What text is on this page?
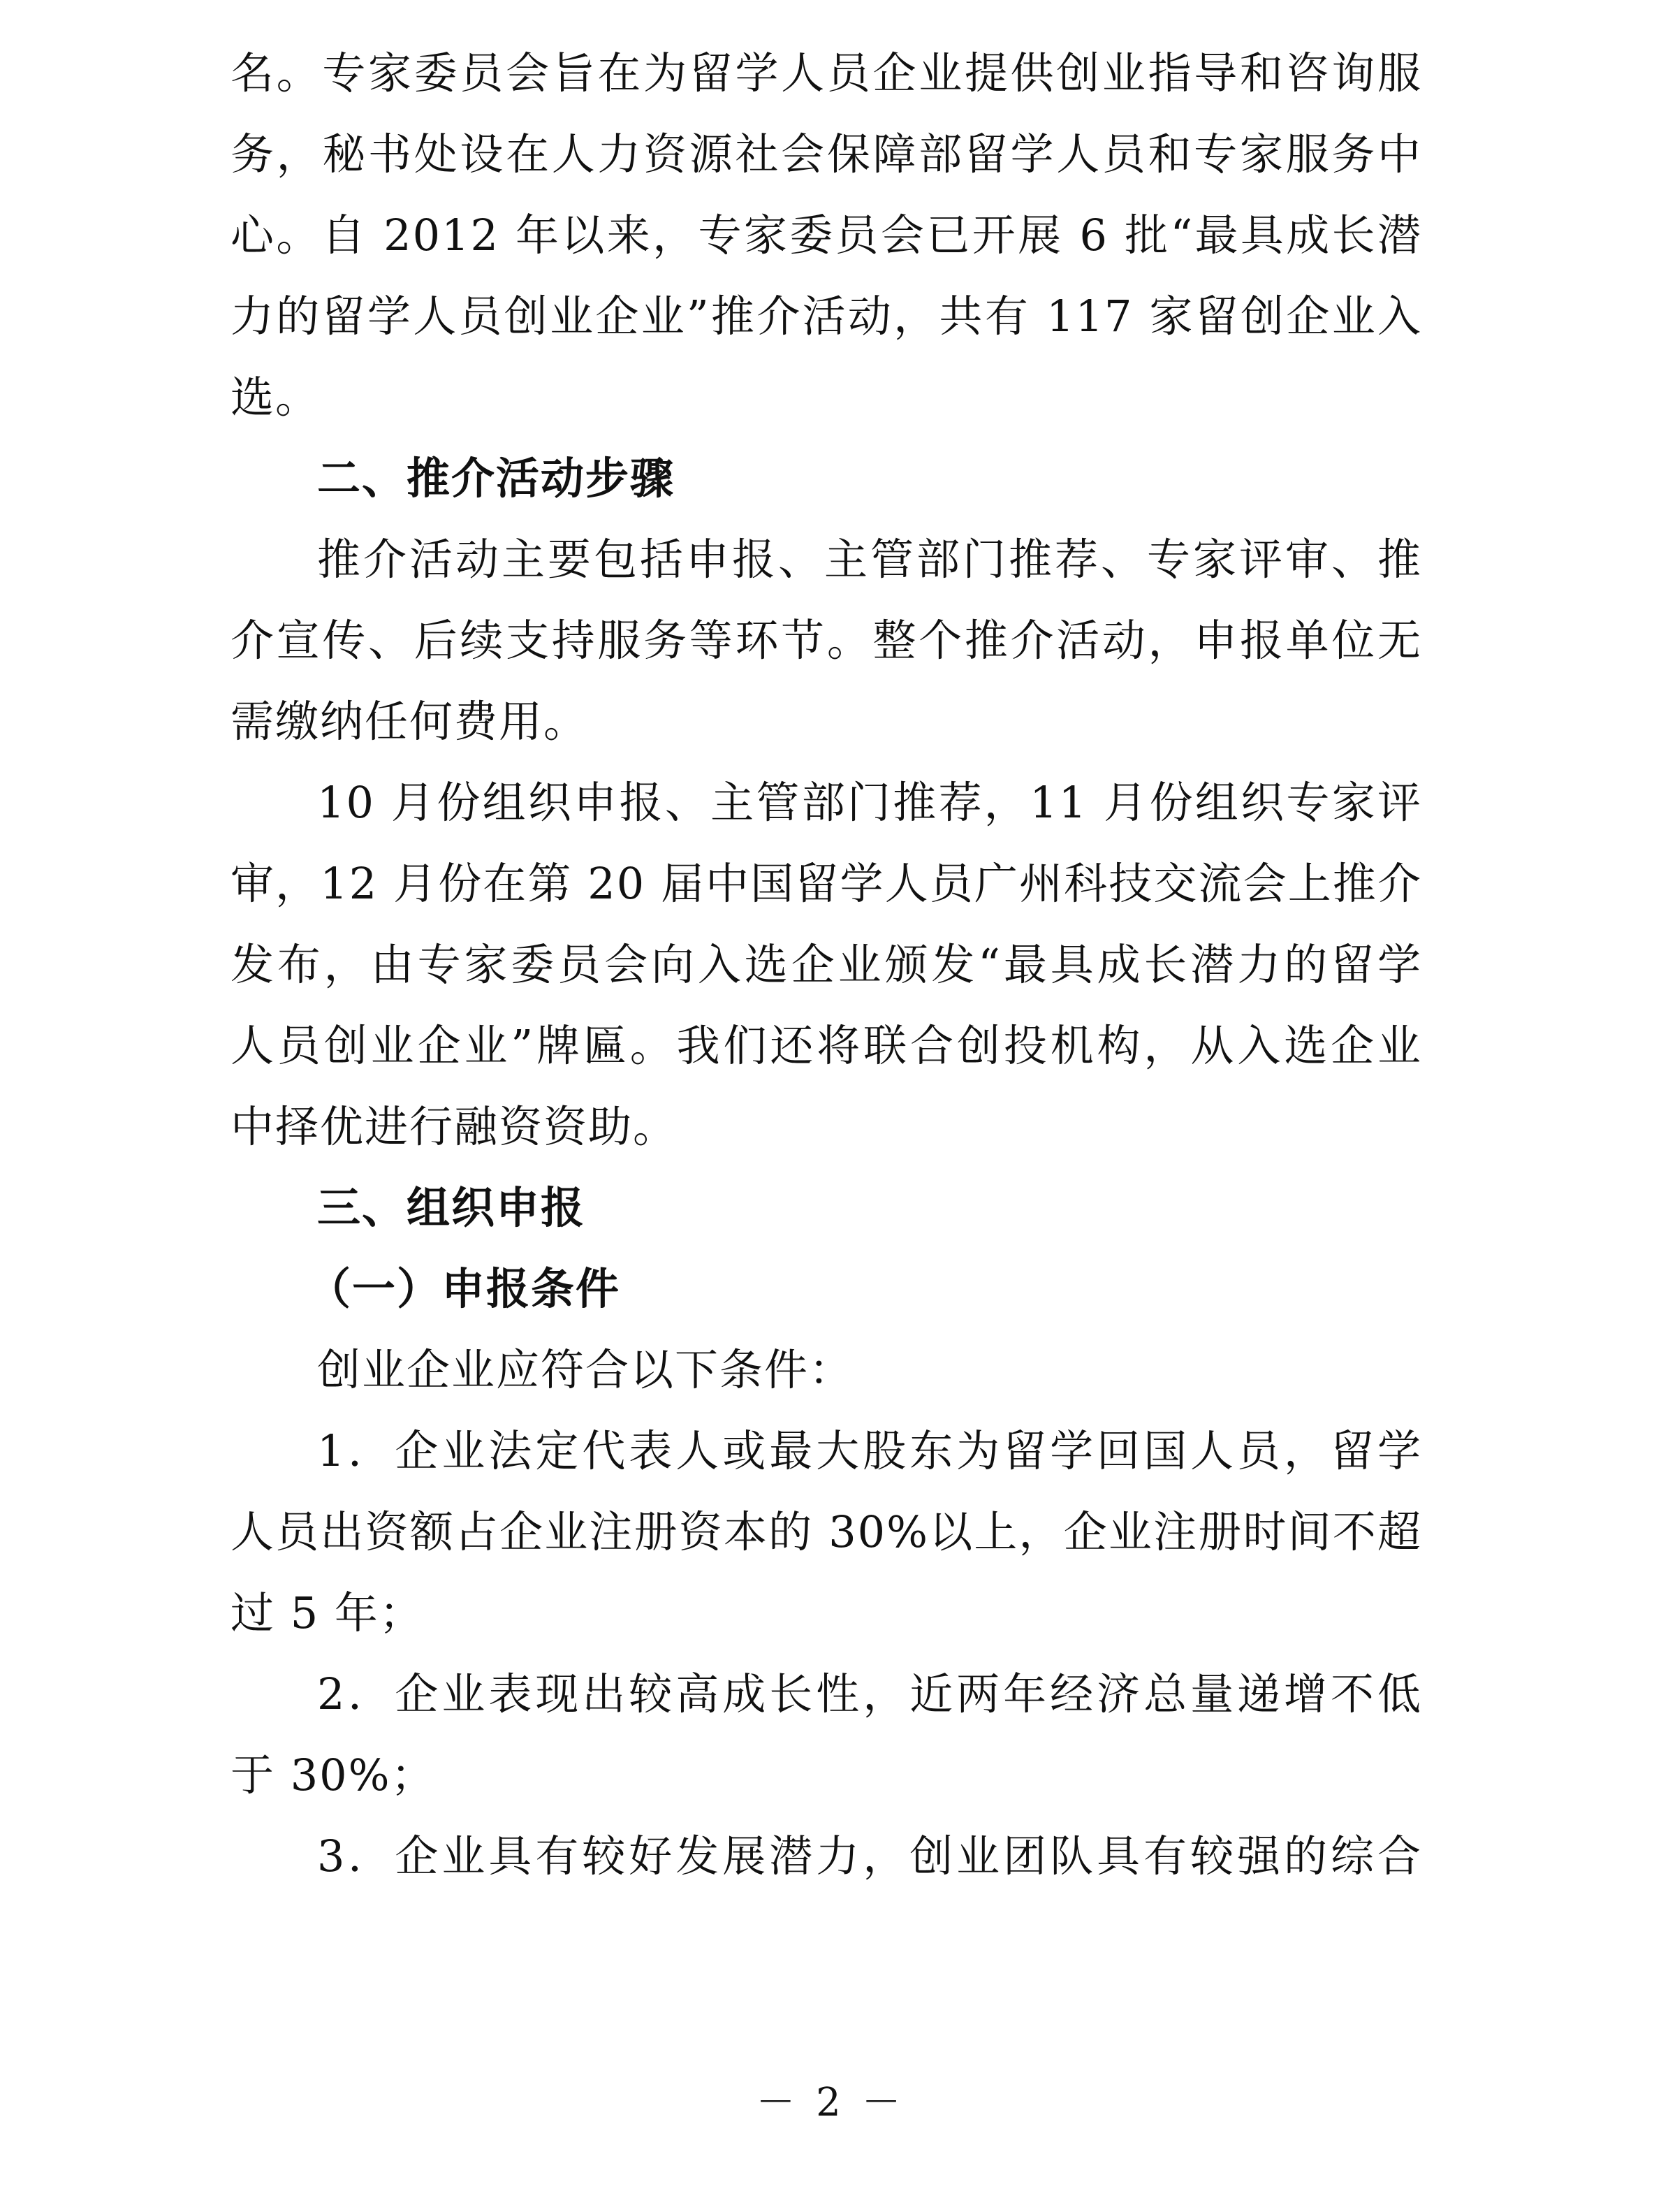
名。专家委员会旨在为留学人员企业提供创业指导和咨询服
务，秘书处设在人力资源社会保障部留学人员和专家服务中
心。自 2012 年以来，专家委员会已开展 6 批“最具成长潜
力的留学人员创业企业”推介活动，共有 117 家留创企业入
选。
二、推介活动步骤
推介活动主要包括申报、主管部门推荐、专家评审、推
介宣传、后续支持服务等环节。整个推介活动，申报单位无
需缴纳任何费用。
10 月份组织申报、主管部门推荐，11 月份组织专家评
审，12 月份在第 20 届中国留学人员广州科技交流会上推介
发布，由专家委员会向入选企业颁发“最具成长潜力的留学
人员创业企业”牌匾。我们还将联合创投机构，从入选企业
中择优进行融资资助。
三、组织申报
（一）申报条件
创业企业应符合以下条件：
1．企业法定代表人或最大股东为留学回国人员，留学
人员出资额占企业注册资本的 30%以上，企业注册时间不超
过 5 年；
2．企业表现出较高成长性，近两年经济总量递增不低
于 30%；
3．企业具有较好发展潜力，创业团队具有较强的综合
－ 2 －
